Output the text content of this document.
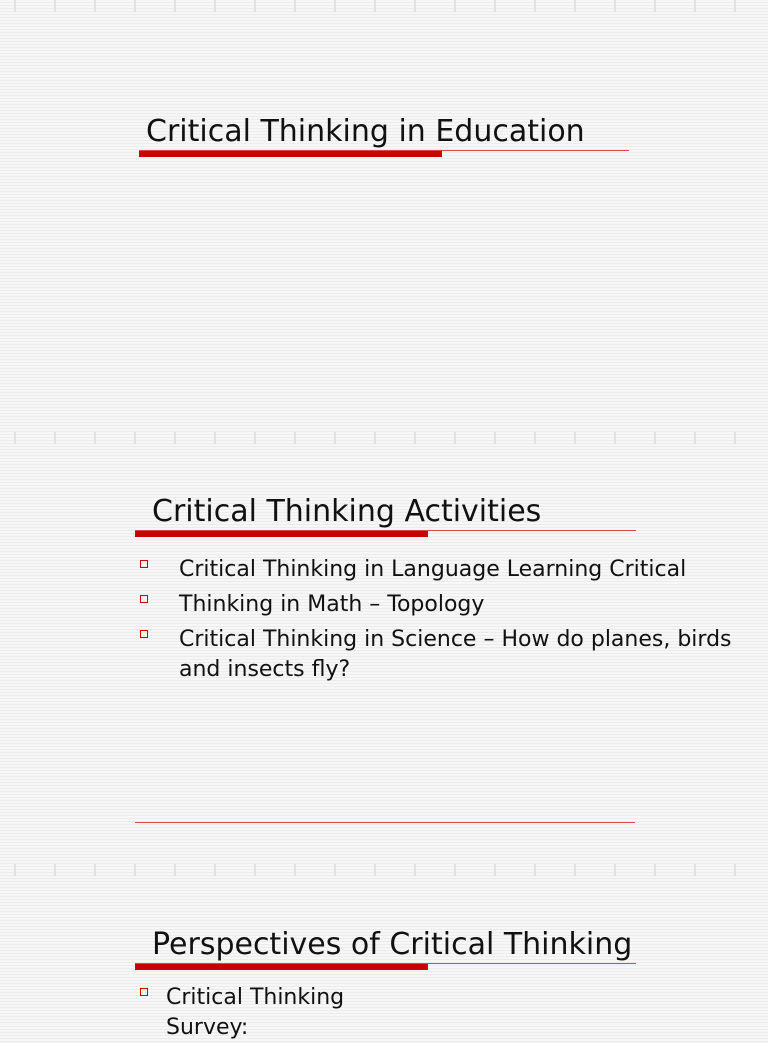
Critical Thinking in Education
Critical Thinking Activities
Critical Thinking in Language Learning Critical
Thinking in Math – Topology
Critical Thinking in Science – How do planes, birds
and insects fly?
Perspectives of Critical Thinking
Critical Thinking
Survey:
